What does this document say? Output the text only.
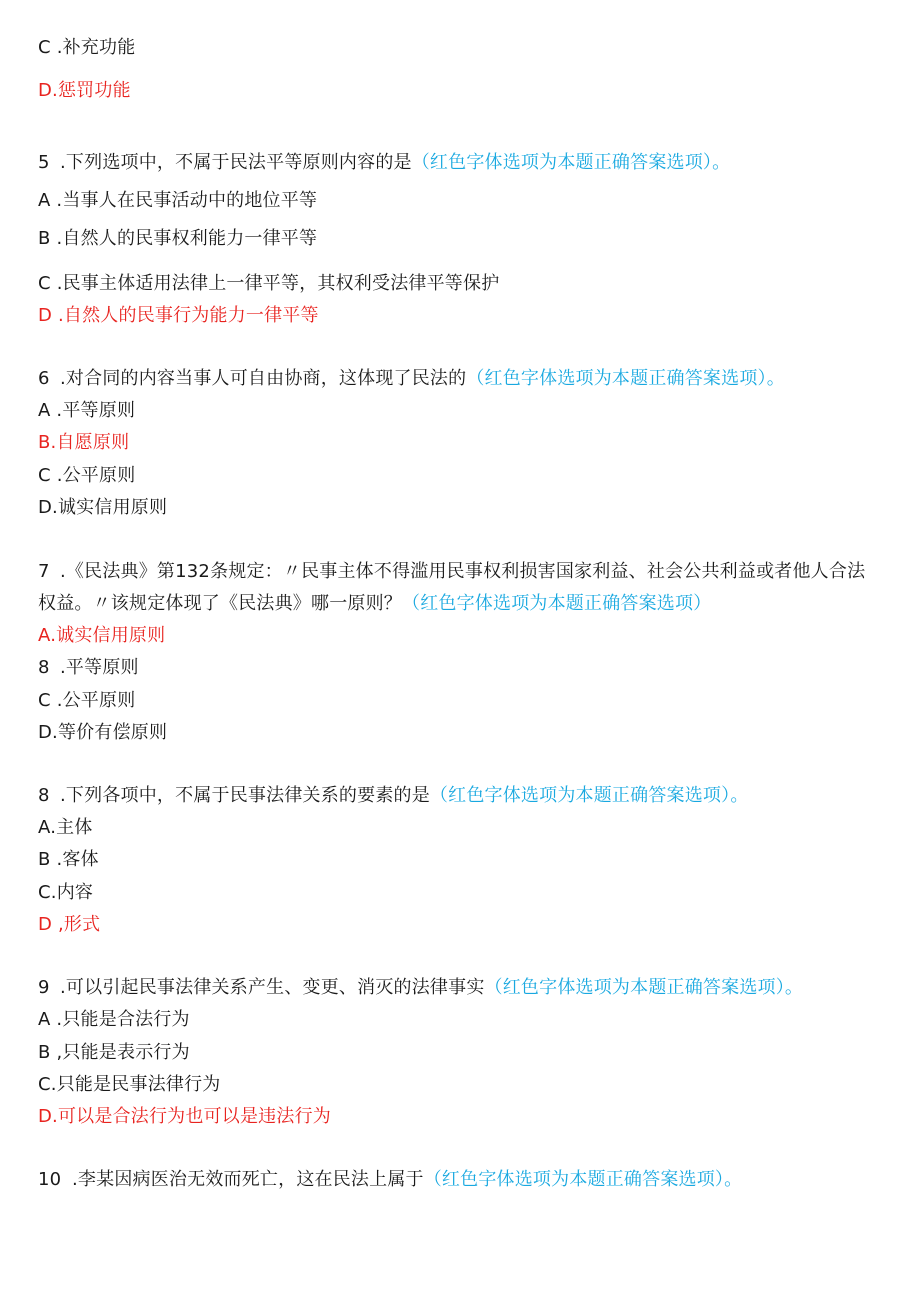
C .补充功能
D.惩罚功能
5 .下列选项中，不属于民法平等原则内容的是（红色字体选项为本题正确答案选项）。
A .当事人在民事活动中的地位平等
B .自然人的民事权利能力一律平等
C .民事主体适用法律上一律平等，其权利受法律平等保护
D .自然人的民事行为能力一律平等
6 .对合同的内容当事人可自由协商，这体现了民法的（红色字体选项为本题正确答案选项）。
A .平等原则
B.自愿原则
C .公平原则
D.诚实信用原则
7 .《民法典》第132条规定：〃民事主体不得滥用民事权利损害国家利益、社会公共利益或者他人合法
权益。〃该规定体现了《民法典》哪一原则？（红色字体选项为本题正确答案选项）
A.诚实信用原则
8 .平等原则
C .公平原则
D.等价有偿原则
8 .下列各项中，不属于民事法律关系的要素的是（红色字体选项为本题正确答案选项）。
A.主体
B .客体
C.内容
D ,形式
9 .可以引起民事法律关系产生、变更、消灭的法律事实（红色字体选项为本题正确答案选项）。
A .只能是合法行为
B ,只能是表示行为
C.只能是民事法律行为
D.可以是合法行为也可以是违法行为
10 .李某因病医治无效而死亡，这在民法上属于（红色字体选项为本题正确答案选项）。
